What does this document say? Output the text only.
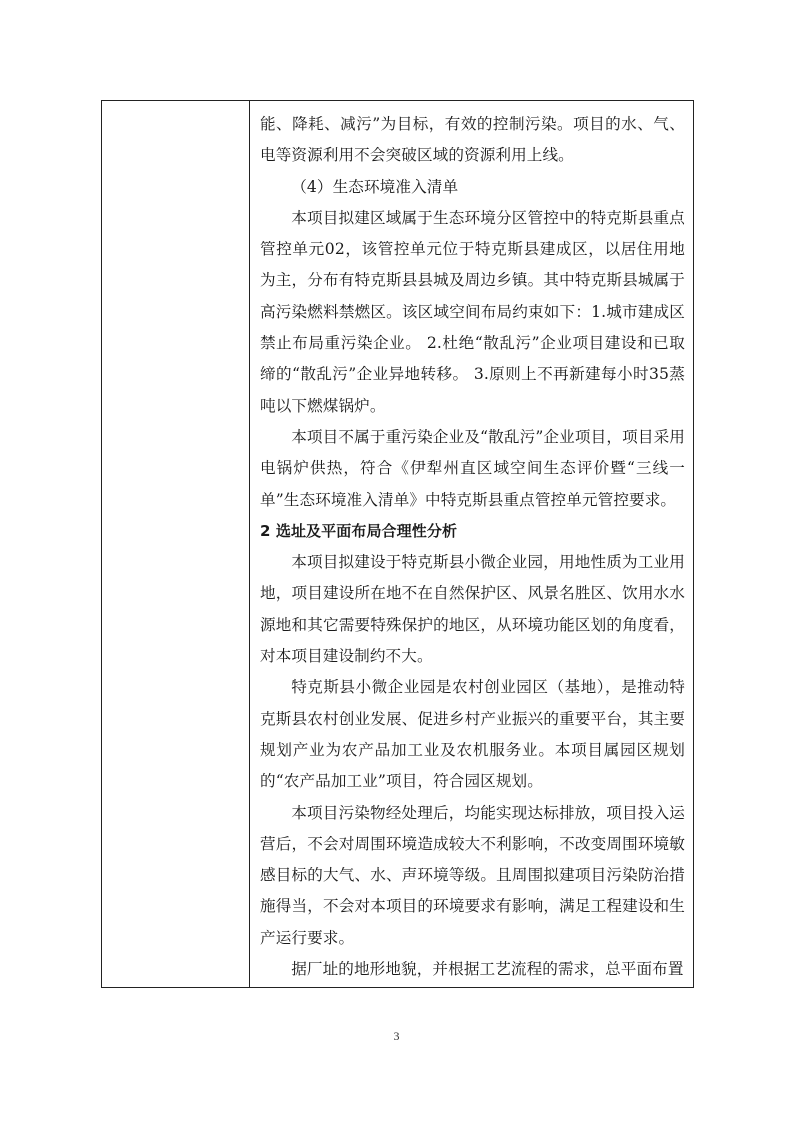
能、降耗、减污”为目标，有效的控制污染。项目的水、气、电等资源利用不会突破区域的资源利用上线。

（4）生态环境准入清单

本项目拟建区域属于生态环境分区管控中的特克斯县重点管控单元02，该管控单元位于特克斯县建成区，以居住用地为主，分布有特克斯县县城及周边乡镇。其中特克斯县城属于高污染燃料禁燃区。该区域空间布局约束如下：1.城市建成区禁止布局重污染企业。 2.杜绝“散乱污”企业项目建设和已取缔的“散乱污”企业异地转移。 3.原则上不再新建每小时35蒸吨以下燃煤锅炉。

本项目不属于重污染企业及“散乱污”企业项目，项目采用电锅炉供热，符合《伊犁州直区域空间生态评价暨“三线一单”生态环境准入清单》中特克斯县重点管控单元管控要求。

2 选址及平面布局合理性分析

本项目拟建设于特克斯县小微企业园，用地性质为工业用地，项目建设所在地不在自然保护区、风景名胜区、饮用水水源地和其它需要特殊保护的地区，从环境功能区划的角度看，对本项目建设制约不大。

特克斯县小微企业园是农村创业园区（基地），是推动特克斯县农村创业发展、促进乡村产业振兴的重要平台，其主要规划产业为农产品加工业及农机服务业。本项目属园区规划的“农产品加工业”项目，符合园区规划。

本项目污染物经处理后，均能实现达标排放，项目投入运营后，不会对周围环境造成较大不利影响，不改变周围环境敏感目标的大气、水、声环境等级。且周围拟建项目污染防治措施得当，不会对本项目的环境要求有影响，满足工程建设和生产运行要求。

据厂址的地形地貌，并根据工艺流程的需求，总平面布置

3
